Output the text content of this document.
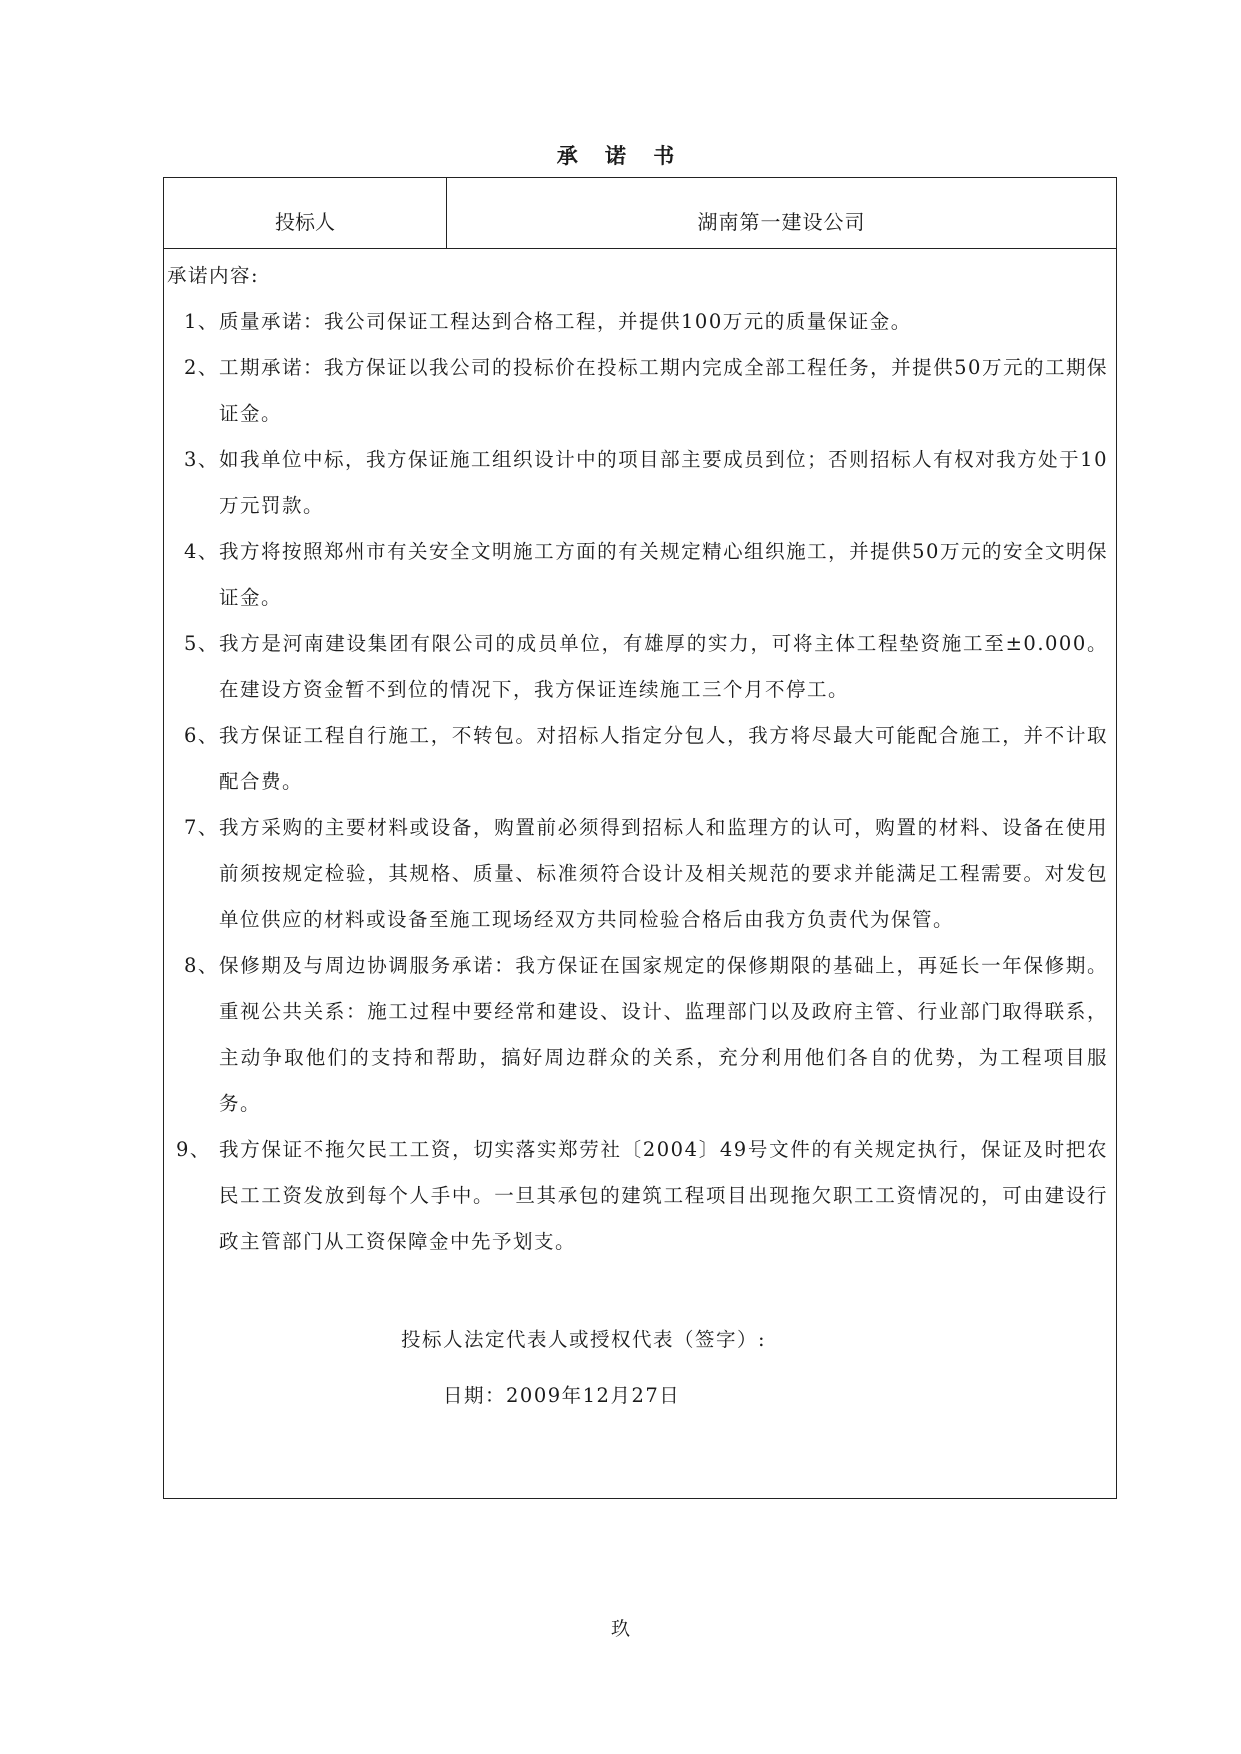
承 诺 书
投标人	湖南第一建设公司
承诺内容:
1、 质量承诺：我公司保证工程达到合格工程，并提供100万元的质量保证金。
2、 工期承诺：我方保证以我公司的投标价在投标工期内完成全部工程任务，并提供50万元的工期保证金。
3、 如我单位中标，我方保证施工组织设计中的项目部主要成员到位；否则招标人有权对我方处于10万元罚款。
4、 我方将按照郑州市有关安全文明施工方面的有关规定精心组织施工，并提供50万元的安全文明保证金。
5、 我方是河南建设集团有限公司的成员单位，有雄厚的实力，可将主体工程垫资施工至±0.000。在建设方资金暂不到位的情况下，我方保证连续施工三个月不停工。
6、 我方保证工程自行施工，不转包。对招标人指定分包人，我方将尽最大可能配合施工，并不计取配合费。
7、 我方采购的主要材料或设备，购置前必须得到招标人和监理方的认可，购置的材料、设备在使用前须按规定检验，其规格、质量、标准须符合设计及相关规范的要求并能满足工程需要。对发包单位供应的材料或设备至施工现场经双方共同检验合格后由我方负责代为保管。
8、 保修期及与周边协调服务承诺：我方保证在国家规定的保修期限的基础上，再延长一年保修期。重视公共关系：施工过程中要经常和建设、设计、监理部门以及政府主管、行业部门取得联系，主动争取他们的支持和帮助，搞好周边群众的关系，充分利用他们各自的优势，为工程项目服务。
9、 我方保证不拖欠民工工资，切实落实郑劳社〔2004〕49号文件的有关规定执行，保证及时把农民工工资发放到每个人手中。一旦其承包的建筑工程项目出现拖欠职工工资情况的，可由建设行政主管部门从工资保障金中先予划支。
投标人法定代表人或授权代表（签字）:
日期：2009年12月27日
玖
